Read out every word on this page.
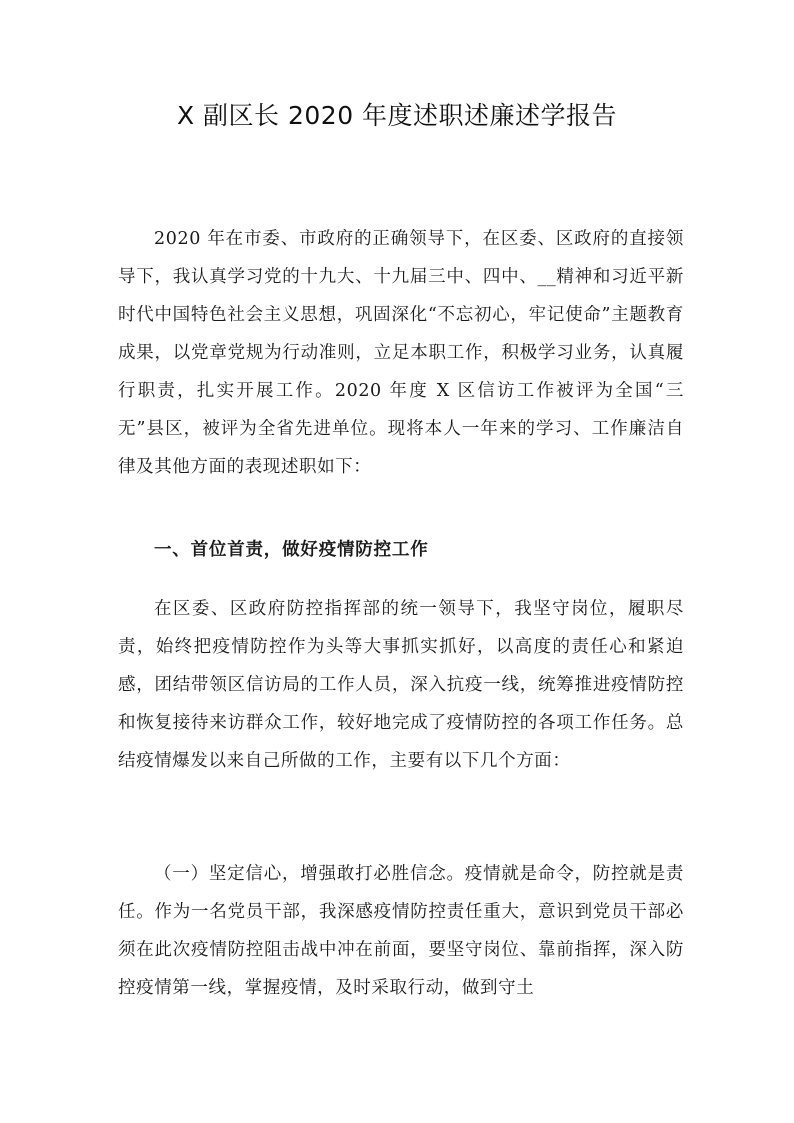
X 副区长 2020 年度述职述廉述学报告

2020 年在市委、市政府的正确领导下，在区委、区政府的直接领导下，我认真学习党的十九大、十九届三中、四中、__精神和习近平新时代中国特色社会主义思想，巩固深化“不忘初心，牢记使命”主题教育成果，以党章党规为行动准则，立足本职工作，积极学习业务，认真履行职责，扎实开展工作。2020 年度 X 区信访工作被评为全国“三无”县区，被评为全省先进单位。现将本人一年来的学习、工作廉洁自律及其他方面的表现述职如下：

一、首位首责，做好疫情防控工作

在区委、区政府防控指挥部的统一领导下，我坚守岗位，履职尽责，始终把疫情防控作为头等大事抓实抓好，以高度的责任心和紧迫感，团结带领区信访局的工作人员，深入抗疫一线，统筹推进疫情防控和恢复接待来访群众工作，较好地完成了疫情防控的各项工作任务。总结疫情爆发以来自己所做的工作，主要有以下几个方面：

（一）坚定信心，增强敢打必胜信念。疫情就是命令，防控就是责任。作为一名党员干部，我深感疫情防控责任重大，意识到党员干部必须在此次疫情防控阻击战中冲在前面，要坚守岗位、靠前指挥，深入防控疫情第一线，掌握疫情，及时采取行动，做到守土
